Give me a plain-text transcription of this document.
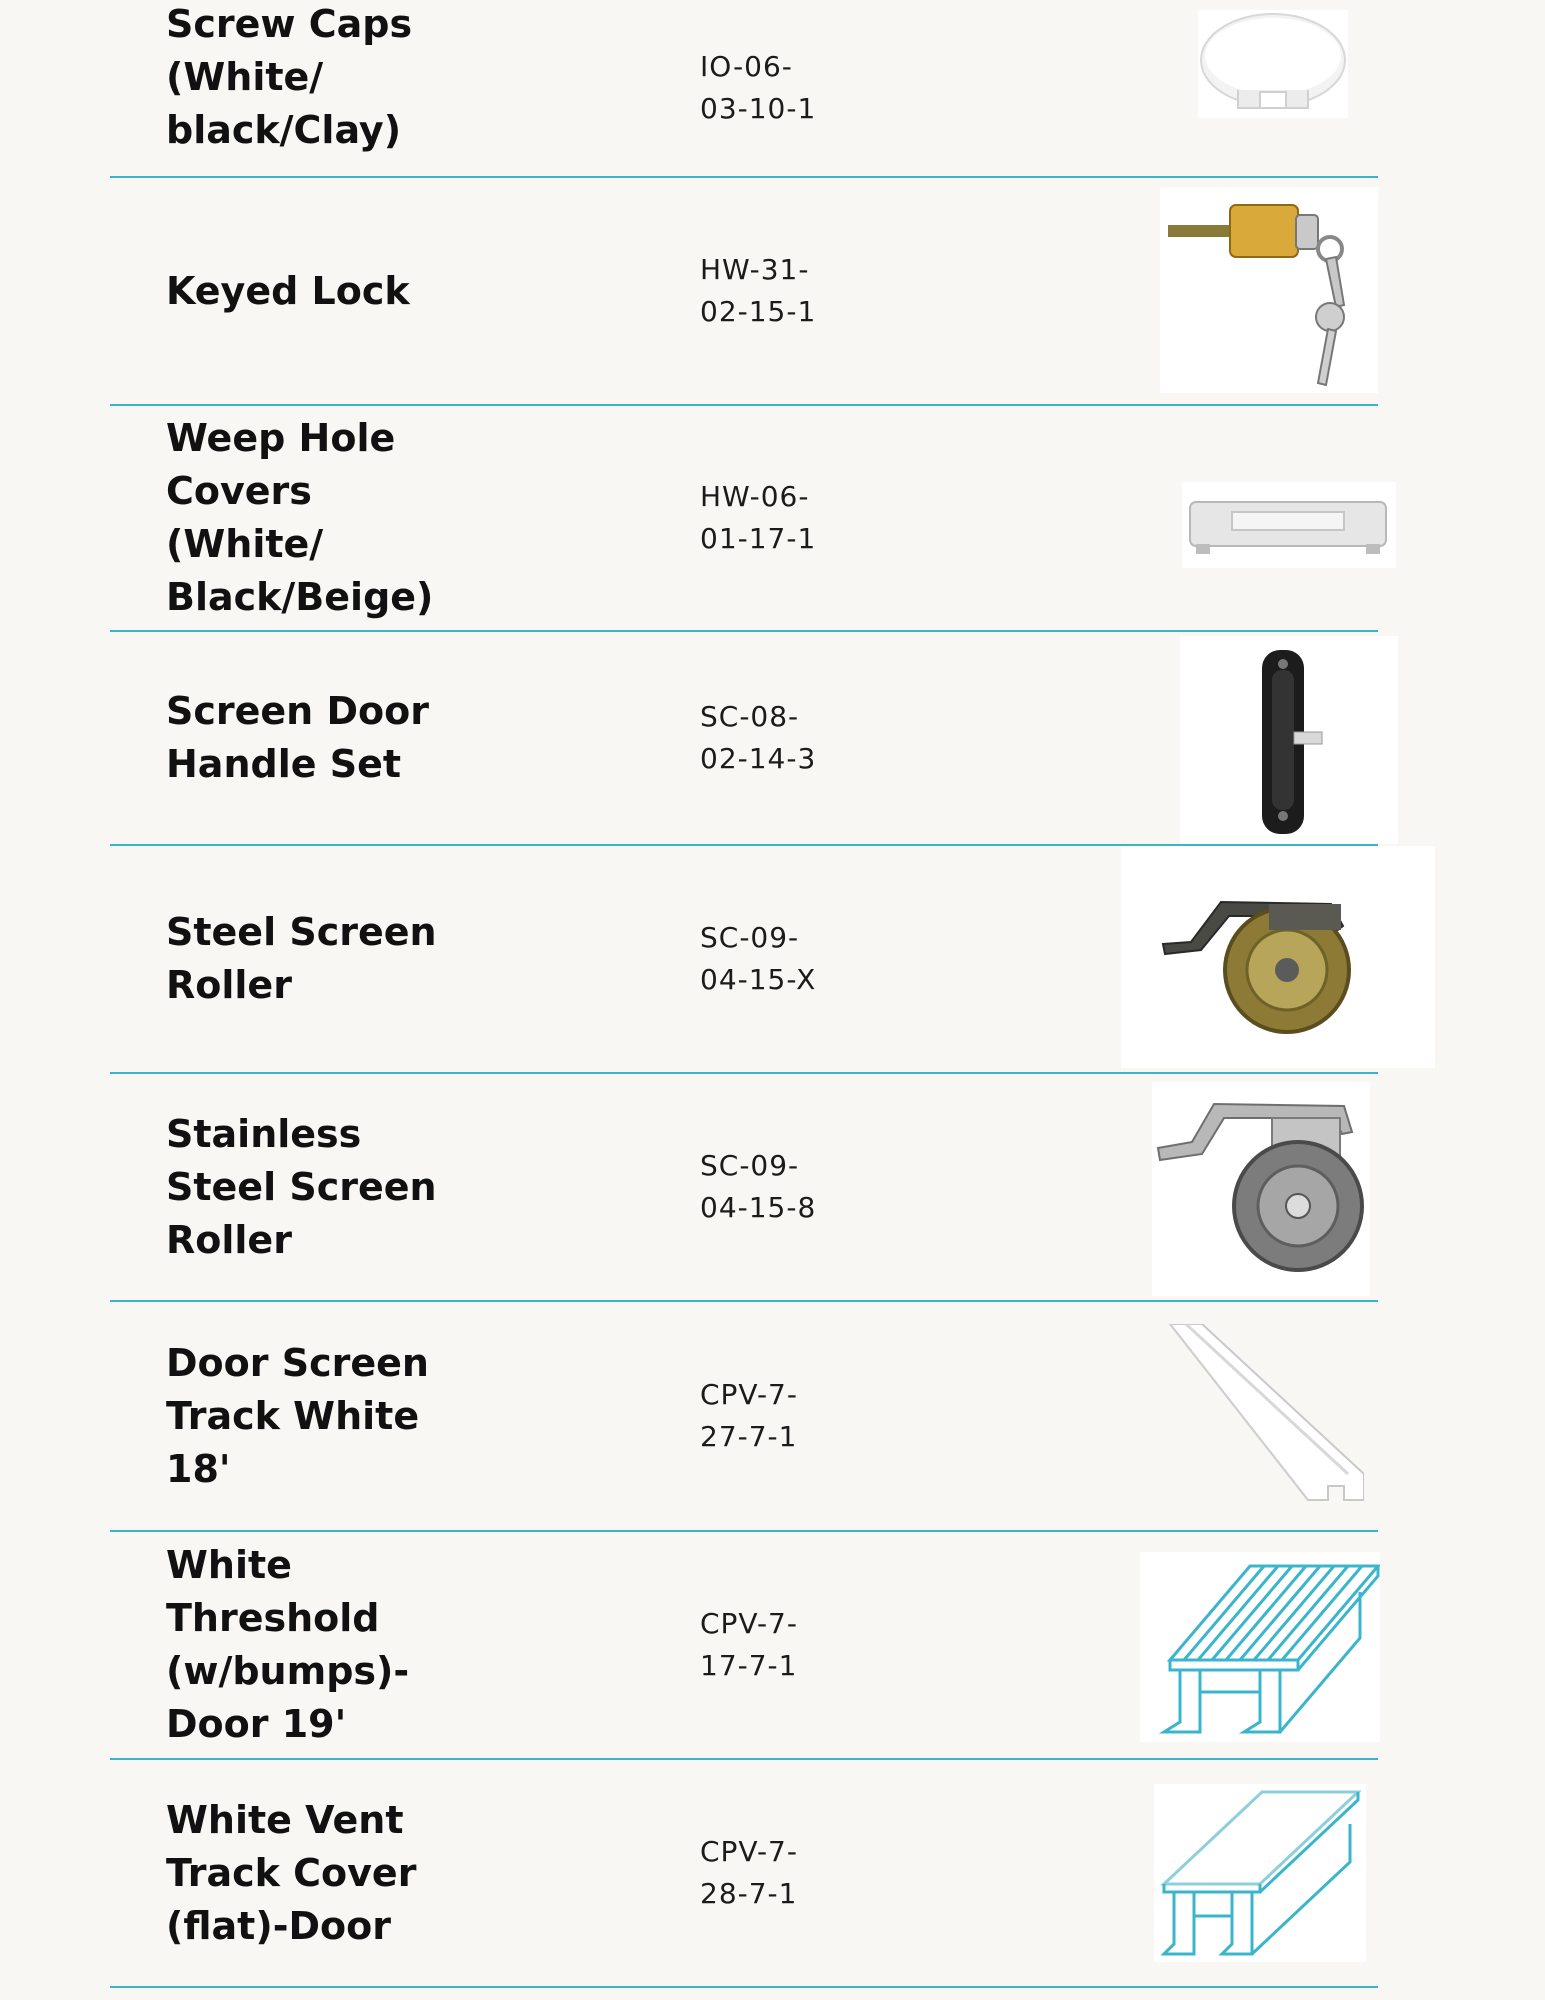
Screw Caps
(White/
black/Clay)
IO-06-
03-10-1
Keyed Lock	HW-31-
02-15-1
Weep Hole
Covers
(White/
Black/Beige)
HW-06-
01-17-1
Screen Door
Handle Set
SC-08-
02-14-3
Steel Screen
Roller
SC-09-
04-15-X
Stainless
Steel Screen
Roller
SC-09-
04-15-8
Door Screen
Track White
18'
CPV-7-
27-7-1
White
Threshold
(w/bumps)-
Door 19'
CPV-7-
17-7-1
White Vent
Track Cover
(flat)-Door
CPV-7-
28-7-1
